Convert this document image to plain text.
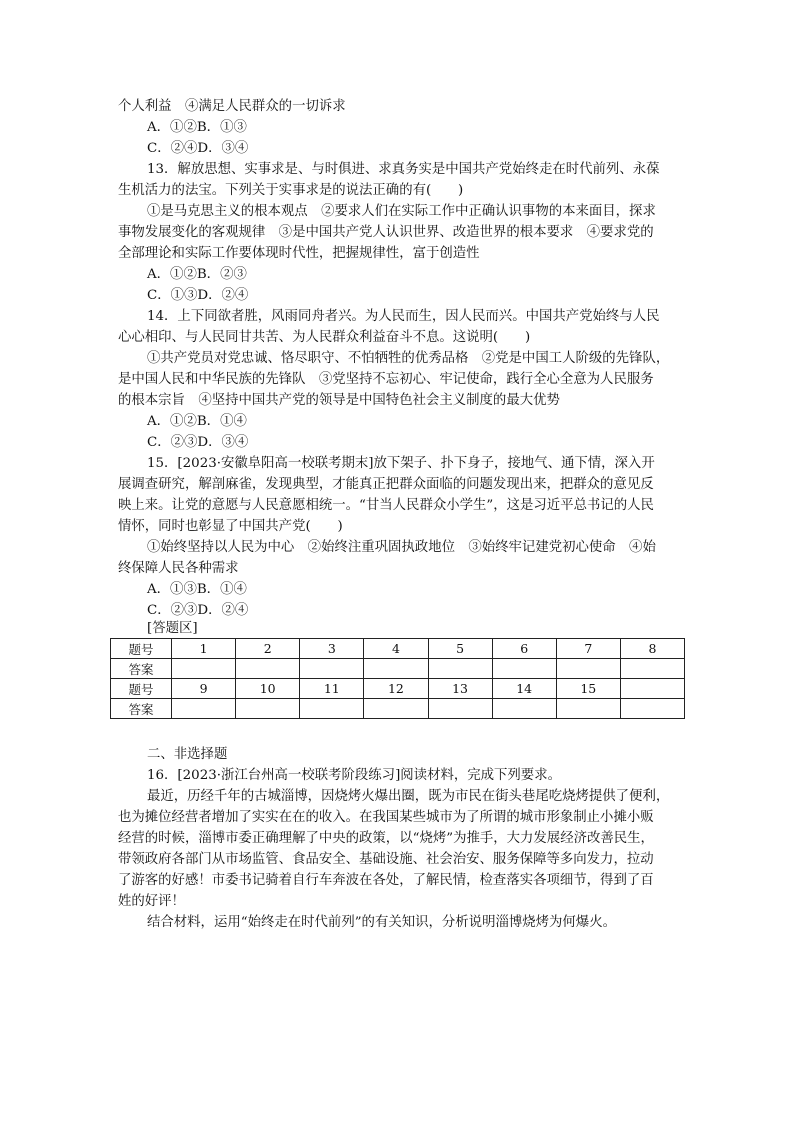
个人利益　④满足人民群众的一切诉求
A．①②B．①③
C．②④D．③④
13．解放思想、实事求是、与时俱进、求真务实是中国共产党始终走在时代前列、永葆
生机活力的法宝。下列关于实事求是的说法正确的有(　　)
①是马克思主义的根本观点　②要求人们在实际工作中正确认识事物的本来面目，探求
事物发展变化的客观规律　③是中国共产党人认识世界、改造世界的根本要求　④要求党的
全部理论和实际工作要体现时代性，把握规律性，富于创造性
A．①②B．②③
C．①③D．②④
14．上下同欲者胜，风雨同舟者兴。为人民而生，因人民而兴。中国共产党始终与人民
心心相印、与人民同甘共苦、为人民群众利益奋斗不息。这说明(　　)
①共产党员对党忠诚、恪尽职守、不怕牺牲的优秀品格　②党是中国工人阶级的先锋队，
是中国人民和中华民族的先锋队　③党坚持不忘初心、牢记使命，践行全心全意为人民服务
的根本宗旨　④坚持中国共产党的领导是中国特色社会主义制度的最大优势
A．①②B．①④
C．②③D．③④
15．[2023·安徽阜阳高一校联考期末]放下架子、扑下身子，接地气、通下情，深入开
展调查研究，解剖麻雀，发现典型，才能真正把群众面临的问题发现出来，把群众的意见反
映上来。让党的意愿与人民意愿相统一。“甘当人民群众小学生”，这是习近平总书记的人民
情怀，同时也彰显了中国共产党(　　)
①始终坚持以人民为中心　②始终注重巩固执政地位　③始终牢记建党初心使命　④始
终保障人民各种需求
A．①③B．①④
C．②③D．②④
[答题区]
题号	1	2	3	4	5	6	7	8
答案								
题号	9	10	11	12	13	14	15	
答案								
二、非选择题
16．[2023·浙江台州高一校联考阶段练习]阅读材料，完成下列要求。
最近，历经千年的古城淄博，因烧烤火爆出圈，既为市民在街头巷尾吃烧烤提供了便利，
也为摊位经营者增加了实实在在的收入。在我国某些城市为了所谓的城市形象制止小摊小贩
经营的时候，淄博市委正确理解了中央的政策，以“烧烤”为推手，大力发展经济改善民生，
带领政府各部门从市场监管、食品安全、基础设施、社会治安、服务保障等多向发力，拉动
了游客的好感！市委书记骑着自行车奔波在各处，了解民情，检查落实各项细节，得到了百
姓的好评！
结合材料，运用“始终走在时代前列”的有关知识，分析说明淄博烧烤为何爆火。
